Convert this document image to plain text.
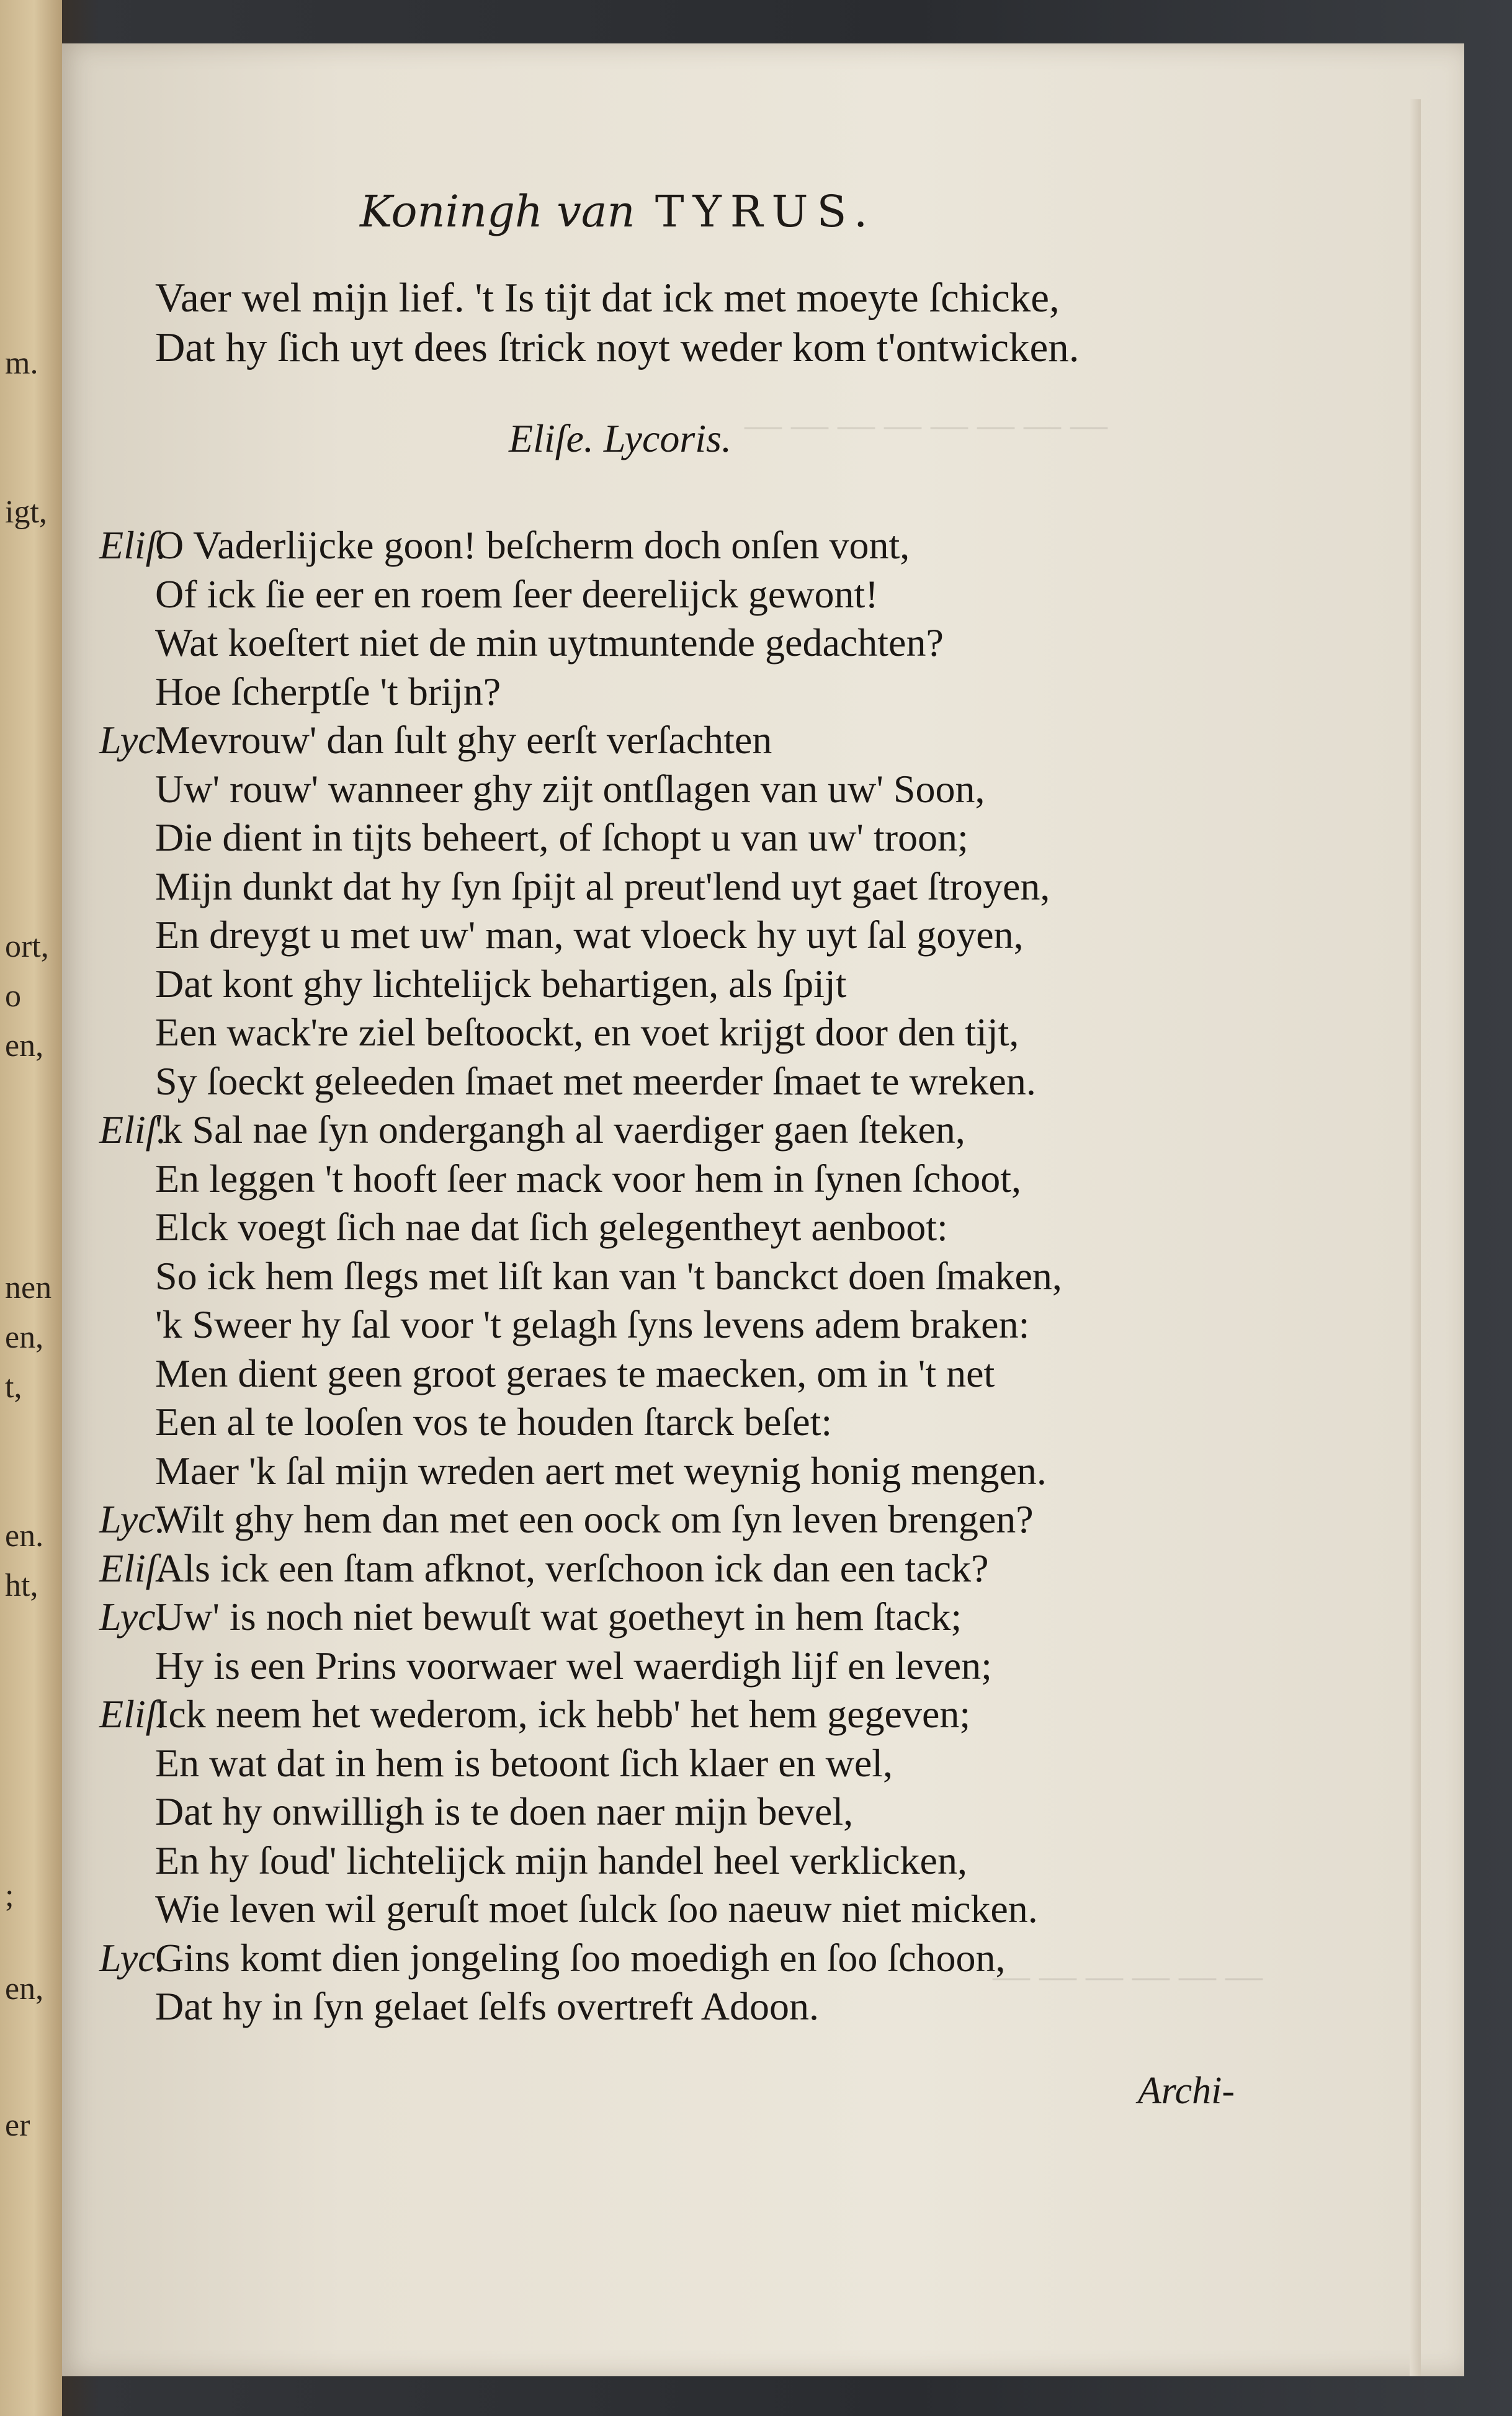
m.
igt,
ort,
o
en,
nen
en,
t,
en.
ht,
;
en,
er
— — — — — — — —
— — — — — —
Koningh van TYRUS.
Vaer wel mijn lief. 't Is tijt dat ick met moeyte ſchicke,
Dat hy ſich uyt dees ſtrick noyt weder kom t'ontwicken.
Eliſe. Lycoris.
Eliſ.
O Vaderlijcke goon! beſcherm doch onſen vont,
Of ick ſie eer en roem ſeer deerelijck gewont!
Wat koeſtert niet de min uytmuntende gedachten?
Hoe ſcherptſe 't brijn?
Lyc.
Mevrouw' dan ſult ghy eerſt verſachten
Uw' rouw' wanneer ghy zijt ontſlagen van uw' Soon,
Die dient in tijts beheert, of ſchopt u van uw' troon;
Mijn dunkt dat hy ſyn ſpijt al preut'lend uyt gaet ſtroyen,
En dreygt u met uw' man, wat vloeck hy uyt ſal goyen,
Dat kont ghy lichtelijck behartigen, als ſpijt
Een wack're ziel beſtoockt, en voet krijgt door den tijt,
Sy ſoeckt geleeden ſmaet met meerder ſmaet te wreken.
Eliſ.
'k Sal nae ſyn ondergangh al vaerdiger gaen ſteken,
En leggen 't hooft ſeer mack voor hem in ſynen ſchoot,
Elck voegt ſich nae dat ſich gelegentheyt aenboot:
So ick hem ſlegs met liſt kan van 't banckct doen ſmaken,
'k Sweer hy ſal voor 't gelagh ſyns levens adem braken:
Men dient geen groot geraes te maecken, om in 't net
Een al te looſen vos te houden ſtarck beſet:
Maer 'k ſal mijn wreden aert met weynig honig mengen.
Lyc.
Wilt ghy hem dan met een oock om ſyn leven brengen?
Eliſ.
Als ick een ſtam afknot, verſchoon ick dan een tack?
Lyc.
Uw' is noch niet bewuſt wat goetheyt in hem ſtack;
Hy is een Prins voorwaer wel waerdigh lijf en leven;
Eliſ.
Ick neem het wederom, ick hebb' het hem gegeven;
En wat dat in hem is betoont ſich klaer en wel,
Dat hy onwilligh is te doen naer mijn bevel,
En hy ſoud' lichtelijck mijn handel heel verklicken,
Wie leven wil geruſt moet ſulck ſoo naeuw niet micken.
Lyc.
Gins komt dien jongeling ſoo moedigh en ſoo ſchoon,
Dat hy in ſyn gelaet ſelfs overtreft Adoon.
Archi-
